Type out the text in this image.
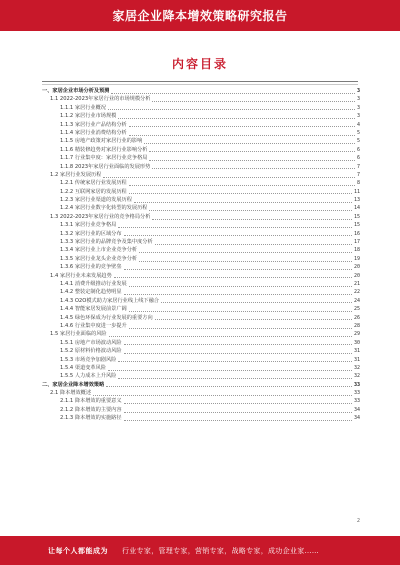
家居企业降本增效策略研究报告
内容目录
一、家居企业市场分析及预测	3
1.1 2022-2023年家居行业的市场规模分析	3
1.1.1 家居行业概况	3
1.1.2 家居行业市场规模	3
1.1.3 家居行业产品结构分析	4
1.1.4 家居行业消费结构分析	5
1.1.5 房地产政策对家居行业的影响	5
1.1.6 精装修趋势对家居行业影响分析	6
1.1.7 行业集中度：家居行业竞争格局	6
1.1.8 2023年家居行业面临的发展形势	7
1.2 家居行业发展历程	7
1.2.1 传统家居行业发展历程	8
1.2.2 互联网家居的发展历程	11
1.2.3 家居行业渠道的发展历程	13
1.2.4 家居行业数字化转型的发展历程	14
1.3 2022-2023年家居行业的竞争格局分析	15
1.3.1 家居行业竞争格局	15
1.3.2 家居行业的区域分布	16
1.3.3 家居行业的品牌竞争及集中度分析	17
1.3.4 家居行业上市企业竞争分析	18
1.3.5 家居行业龙头企业竞争分析	19
1.3.6 家居行业的竞争壁垒	20
1.4 家居行业未来发展趋势	20
1.4.1 消费升级推动行业发展	21
1.4.2 整装定制化趋势明显	22
1.4.3 O2O模式助力家居行业线上线下融合	24
1.4.4 智能家居发展前景广阔	25
1.4.5 绿色环保成为行业发展的重要方向	26
1.4.6 行业集中度进一步提升	28
1.5 家居行业面临的风险	29
1.5.1 房地产市场波动风险	30
1.5.2 原材料价格波动风险	31
1.5.3 市场竞争加剧风险	31
1.5.4 渠道变革风险	32
1.5.5 人力成本上升风险	32
二、家居企业降本增效策略	33
2.1 降本增效概述	33
2.1.1 降本增效的重要意义	33
2.1.2 降本增效的主要内容	34
2.1.3 降本增效的实施路径	34
2
让每个人都能成为 行业专家，管理专家，营销专家，战略专家，成功企业家……
